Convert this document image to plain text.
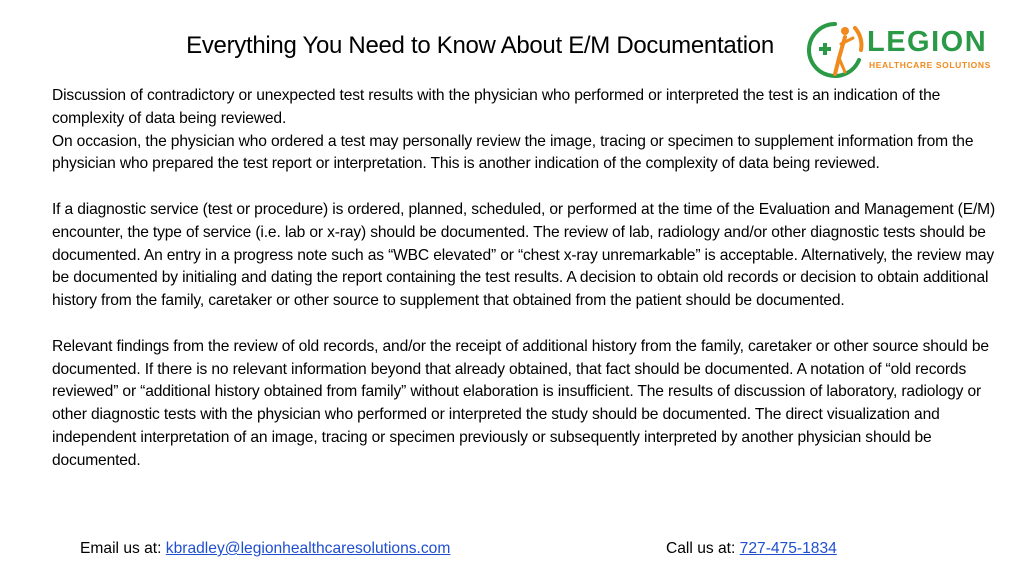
Everything You Need to Know About E/M Documentation	LEGION
HEALTHCARE SOLUTIONS

Discussion of contradictory or unexpected test results with the physician who performed or interpreted the test is an indication of the complexity of data being reviewed.

On occasion, the physician who ordered a test may personally review the image, tracing or specimen to supplement information from the physician who prepared the test report or interpretation. This is another indication of the complexity of data being reviewed.

If a diagnostic service (test or procedure) is ordered, planned, scheduled, or performed at the time of the Evaluation and Management (E/M) encounter, the type of service (i.e. lab or x-ray) should be documented. The review of lab, radiology and/or other diagnostic tests should be documented. An entry in a progress note such as “WBC elevated” or “chest x-ray unremarkable” is acceptable. Alternatively, the review may be documented by initialing and dating the report containing the test results. A decision to obtain old records or decision to obtain additional history from the family, caretaker or other source to supplement that obtained from the patient should be documented.

Relevant findings from the review of old records, and/or the receipt of additional history from the family, caretaker or other source should be documented. If there is no relevant information beyond that already obtained, that fact should be documented. A notation of “old records reviewed” or “additional history obtained from family” without elaboration is insufficient. The results of discussion of laboratory, radiology or other diagnostic tests with the physician who performed or interpreted the study should be documented. The direct visualization and independent interpretation of an image, tracing or specimen previously or subsequently interpreted by another physician should be documented.

Email us at: kbradley@legionhealthcaresolutions.com	Call us at: 727-475-1834
